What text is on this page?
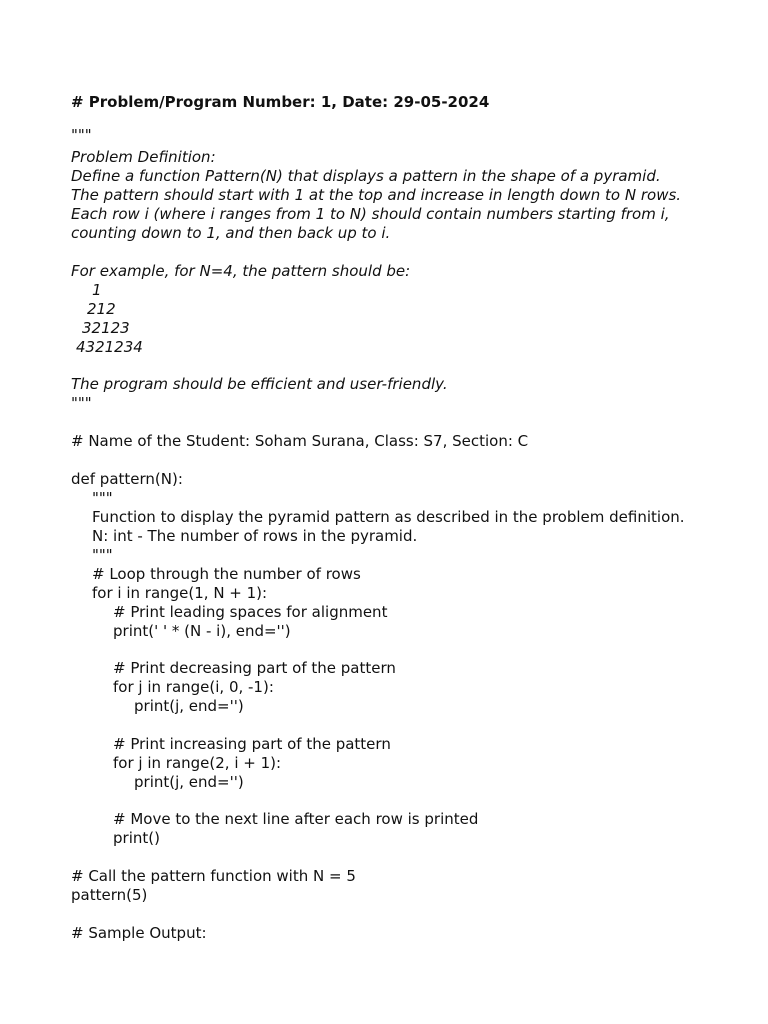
# Problem/Program Number: 1, Date: 29-05-2024

"""

Problem Definition:

Define a function Pattern(N) that displays a pattern in the shape of a pyramid.

The pattern should start with 1 at the top and increase in length down to N rows.

Each row i (where i ranges from 1 to N) should contain numbers starting from i,

counting down to 1, and then back up to i.

For example, for N=4, the pattern should be:

1

212

32123

4321234

The program should be efficient and user-friendly.

"""

# Name of the Student: Soham Surana, Class: S7, Section: C

def pattern(N):

"""

Function to display the pyramid pattern as described in the problem definition.

N: int - The number of rows in the pyramid.

"""

# Loop through the number of rows

for i in range(1, N + 1):

# Print leading spaces for alignment

print(' ' * (N - i), end='')

# Print decreasing part of the pattern

for j in range(i, 0, -1):

print(j, end='')

# Print increasing part of the pattern

for j in range(2, i + 1):

print(j, end='')

# Move to the next line after each row is printed

print()

# Call the pattern function with N = 5

pattern(5)

# Sample Output:
